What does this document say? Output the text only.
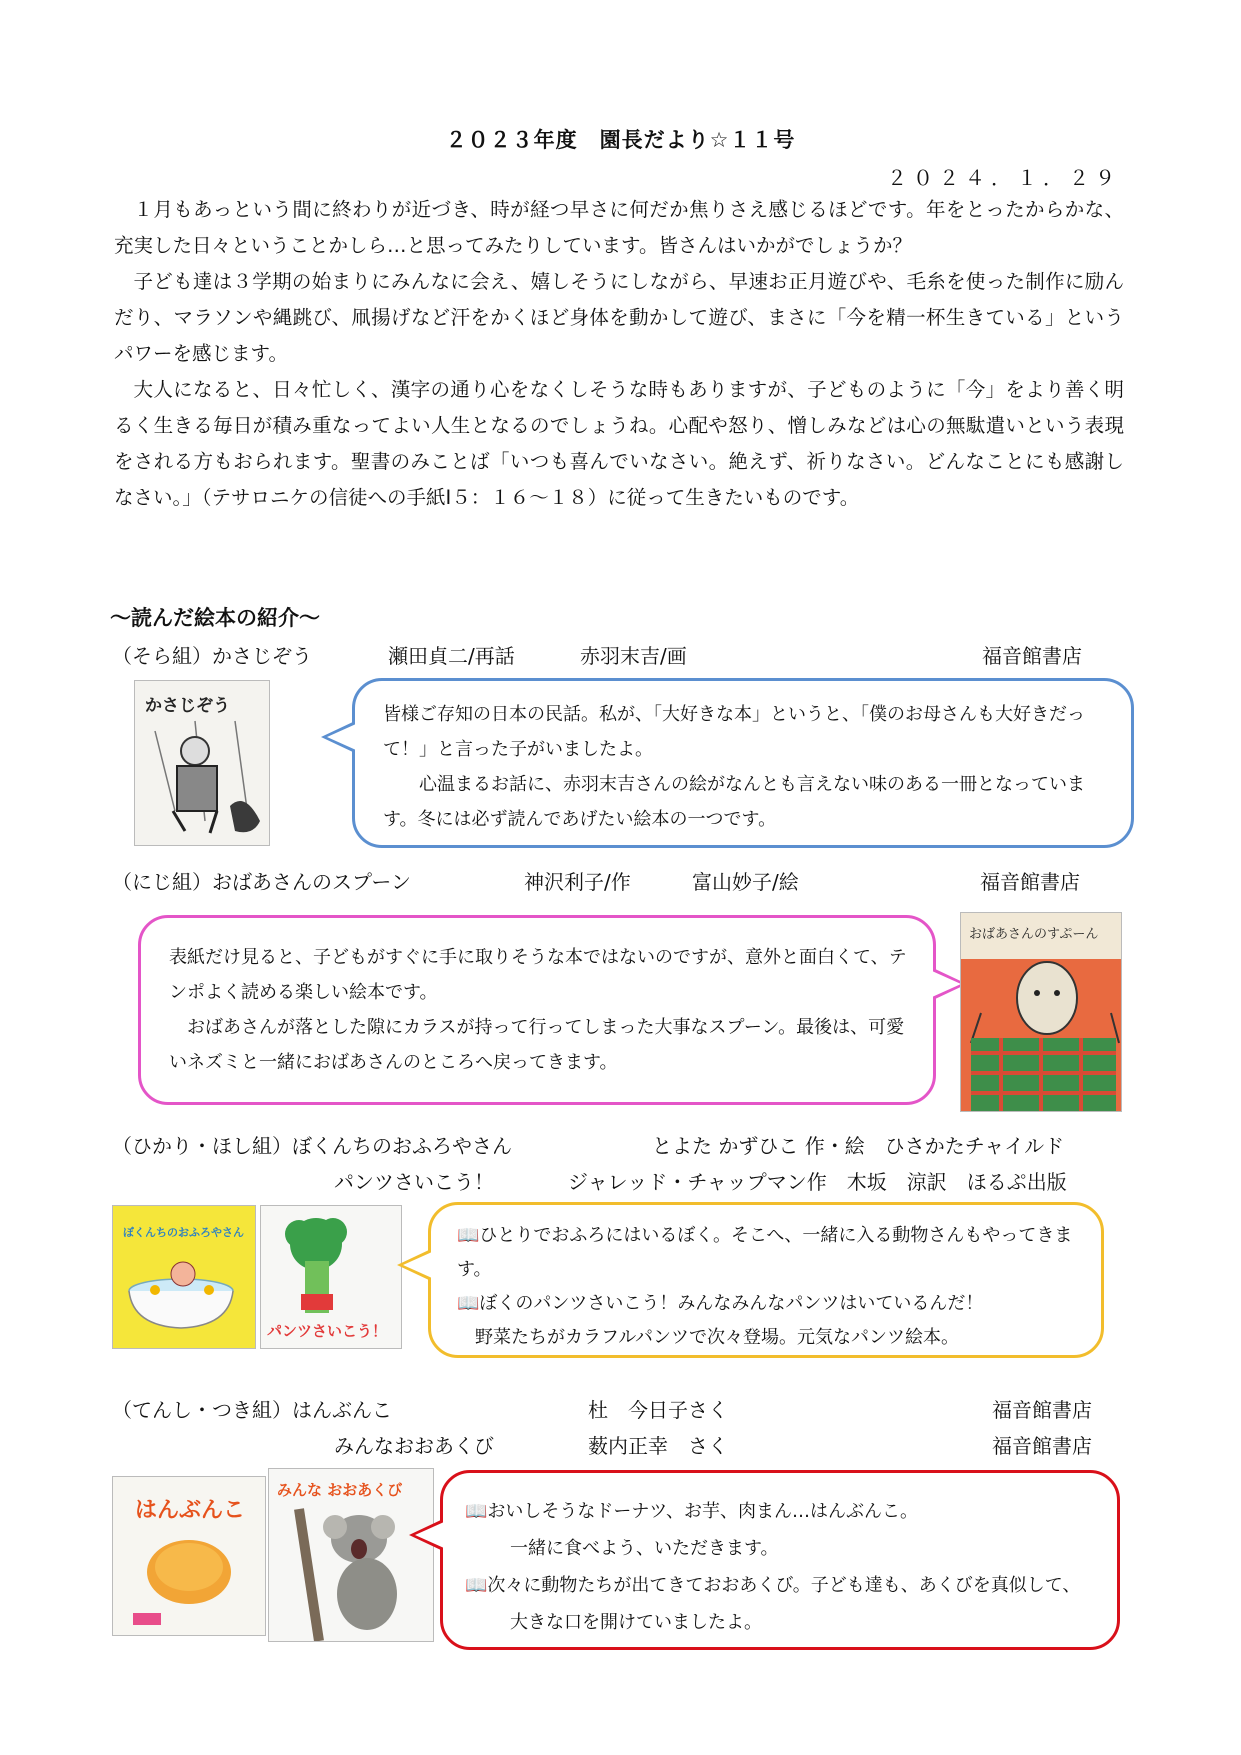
２０２３年度　園長だより☆１１号
２０２４．１．２９

１月もあっという間に終わりが近づき、時が経つ早さに何だか焦りさえ感じるほどです。年をとったからかな、充実した日々ということかしら…と思ってみたりしています。皆さんはいかがでしょうか？

子ども達は３学期の始まりにみんなに会え、嬉しそうにしながら、早速お正月遊びや、毛糸を使った制作に励んだり、マラソンや縄跳び、凧揚げなど汗をかくほど身体を動かして遊び、まさに「今を精一杯生きている」というパワーを感じます。

大人になると、日々忙しく、漢字の通り心をなくしそうな時もありますが、子どものように「今」をより善く明るく生きる毎日が積み重なってよい人生となるのでしょうね。心配や怒り、憎しみなどは心の無駄遣いという表現をされる方もおられます。聖書のみことば「いつも喜んでいなさい。絶えず、祈りなさい。どんなことにも感謝しなさい。」（テサロニケの信徒への手紙Ⅰ５：１６～１８）に従って生きたいものです。

～読んだ絵本の紹介～
（そら組）かさじぞう	瀬田貞二/再話	赤羽末吉/画	福音館書店
かさじぞう	皆様ご存知の日本の民話。私が、「大好きな本」というと、「僕のお母さんも大好きだって！」と言った子がいましたよ。

心温まるお話に、赤羽末吉さんの絵がなんとも言えない味のある一冊となっています。冬には必ず読んであげたい絵本の一つです。

（にじ組）おばあさんのスプーン	神沢利子/作	富山妙子/絵	福音館書店

表紙だけ見ると、子どもがすぐに手に取りそうな本ではないのですが、意外と面白くて、テンポよく読める楽しい絵本です。

おばあさんが落とした隙にカラスが持って行ってしまった大事なスプーン。最後は、可愛いネズミと一緒におばあさんのところへ戻ってきます。

おばあさんのすぷーん
（ひかり・ほし組）ぼくんちのおふろやさん	とよた かずひこ 作・絵　ひさかたチャイルド
パンツさいこう！	ジャレッド・チャップマン作　木坂　涼訳　ほるぷ出版
ぼくんちのおふろやさん
パンツさいこう！

📖ひとりでおふろにはいるぼく。そこへ、一緒に入る動物さんもやってきます。

📖ぼくのパンツさいこう！みんなみんなパンツはいているんだ！

野菜たちがカラフルパンツで次々登場。元気なパンツ絵本。

（てんし・つき組）はんぶんこ	杜　今日子さく	福音館書店
みんなおおあくび	薮内正幸　さく	福音館書店
はんぶんこ
みんな おおあくび

📖おいしそうなドーナツ、お芋、肉まん…はんぶんこ。

一緒に食べよう、いただきます。

📖次々に動物たちが出てきておおあくび。子ども達も、あくびを真似して、大きな口を開けていましたよ。
